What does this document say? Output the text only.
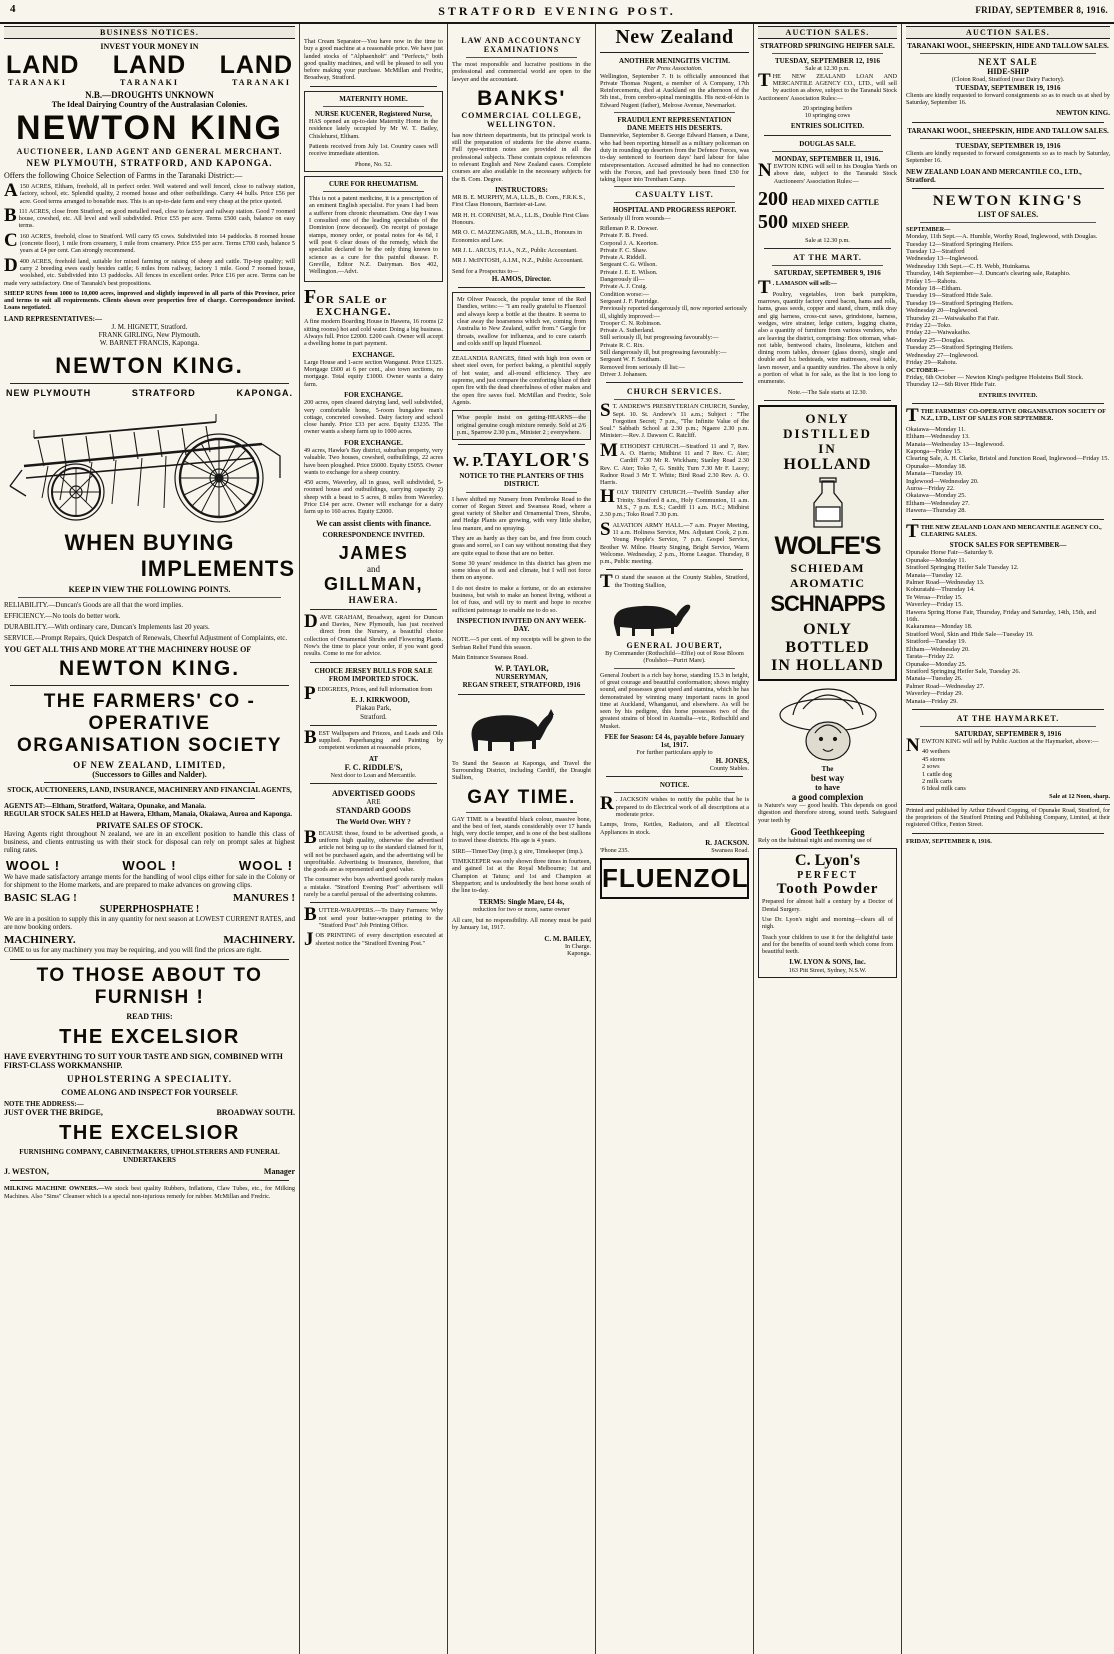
4	STRATFORD EVENING POST.	FRIDAY, SEPTEMBER 8, 1916.
BUSINESS NOTICES.
INVEST YOUR MONEY IN
LAND LAND LAND
TARANAKI	TARANAKI	TARANAKI
N.B.—DROUGHTS UNKNOWN
The Ideal Dairying Country of the Australasian Colonies.
NEWTON KING
AUCTIONEER, LAND AGENT AND GENERAL MERCHANT.
NEW PLYMOUTH, STRATFORD, AND KAPONGA.
Offers the following Choice Selection of Farms in the Taranaki District:—

A 150 ACRES, Eltham, freehold, all in perfect order. Well watered and well fenced, close to railway station, factory, school, etc. Splendid quality, 2 roomed house and other outbuildings. Carry 44 bulls. Price £56 per acre. Good terms arranged to bonafide max. This is an up-to-date farm and very cheap at the price quoted.

B 111 ACRES, close from Stratford, on good metalled road, close to factory and railway station. Good 7 roomed house, cowshed, etc. All level and well subdivided. Price £55 per acre. Terms £500 cash, balance on easy terms.

C 160 ACRES, freehold, close to Stratford. Will carry 65 cows. Subdivided into 14 paddocks. 8 roomed house (concrete floor), 1 mile from creamery, 1 mile from creamery. Price £55 per acre. Terms £700 cash, balance 5 years at £4 per cent. Can strongly recommend.

D 400 ACRES, freehold land, suitable for mixed farming or raising of sheep and cattle. Tip-top quality; will carry 2 breeding ewes easily besides cattle; 6 miles from railway, factory 1 mile. Good 7 roomed house, woolshed, etc. Subdivided into 13 paddocks. All fences in excellent order. Price £16 per acre. Terms can be made very satisfactory. One of Taranaki's best propositions.

SHEEP RUNS from 1000 to 10,000 acres, improved and slightly improved in all parts of this Province, price and terms to suit all requirements. Clients shown over properties free of charge. Correspondence invited. Loans negotiated.

LAND REPRESENTATIVES:—
J. M. HIGNETT, Stratford.
FRANK GIRLING, New Plymouth.
W. BARNET FRANCIS, Kaponga.
NEWTON KING.
NEW PLYMOUTH	STRATFORD	KAPONGA.
WHEN BUYING
IMPLEMENTS
KEEP IN VIEW THE FOLLOWING POINTS.

RELIABILITY.—Duncan's Goods are all that the word implies.

EFFICIENCY.—No tools do better work.

DURABILITY.—With ordinary care, Duncan's Implements last 20 years.

SERVICE.—Prompt Repairs, Quick Despatch of Renewals, Cheerful Adjustment of Complaints, etc.

YOU GET ALL THIS AND MORE AT THE MACHINERY HOUSE OF
NEWTON KING.
THE FARMERS' CO - OPERATIVE
ORGANISATION SOCIETY
OF NEW ZEALAND, LIMITED,
(Successors to Gilles and Nalder).
STOCK, AUCTIONEERS, LAND, INSURANCE, MACHINERY AND FINANCIAL AGENTS,
AGENTS AT:—Eltham, Stratford, Waitara, Opunake, and Manaia.
REGULAR STOCK SALES HELD at Hawera, Eltham, Manaia, Okaiawa, Auroa and Kaponga.
PRIVATE SALES OF STOCK.

Having Agents right throughout N zealand, we are in an excellent position to handle this class of business, and clients entrusting us with their stock for disposal can rely on prompt sales at highest ruling rates.

WOOL !	WOOL !	WOOL !

We have made satisfactory arrange ments for the handling of wool clips either for sale in the Colony or for shipment to the Home markets, and are prepared to make advances on growing clips.

BASIC SLAG !	MANURES !
SUPERPHOSPHATE !

We are in a position to supply this in any quantity for next season at LOWEST CURRENT RATES, and are now booking orders.

MACHINERY.	MACHINERY.

COME to us for any machinery you may be requiring, and you will find the prices are right.

TO THOSE ABOUT TO
FURNISH !
READ THIS:
THE EXCELSIOR
HAVE EVERYTHING TO SUIT YOUR TASTE AND SIGN, COMBINED WITH FIRST-CLASS WORKMANSHIP.
UPHOLSTERING A SPECIALITY.
COME ALONG AND INSPECT FOR YOURSELF.
NOTE THE ADDRESS:—
JUST OVER THE BRIDGE,	BROADWAY SOUTH.
THE EXCELSIOR
FURNISHING COMPANY, CABINETMAKERS, UPHOLSTERERS AND FUNERAL UNDERTAKERS
J. WESTON,	Manager

MILKING MACHINE OWNERS.—We stock best quality Rubbers, Inflations, Claw Tubes, etc., for Milking Machines. Also "Sims" Cleanser which is a special non-injurious remedy for rubber. McMillan and Fredric.

That Cream Separator—You have now in the time to buy a good machine at a reasonable price. We have just landed stocks of "Alphaenholt" and "Perfects," both good quality machines, and will be pleased to sell you before making your purchase. McMillan and Fredric, Broadway, Stratford.

MATERNITY HOME.
NURSE KUCENER, Registered Nurse,

HAS opened an up-to-date Maternity Home in the residence lately occupied by Mr W. T. Bailey, Chislehurst, Eltham.

Patients received from July 1st. Country cases will receive immediate attention.

Phone, No. 52.
CURE FOR RHEUMATISM.

This is not a patent medicine, it is a prescription of an eminent English specialist. For years I had been a sufferer from chronic rheumatism. One day I was I consulted one of the leading specialists of the Dominion (now deceased). On receipt of postage stamps, money order, or postal notes for 4s 6d, I will post 6 clear doses of the remedy, which the specialist declared to be the only thing known to science as a cure for this painful disease. F. Greville, Editor N.Z. Dairyman. Box 402, Wellington.—Advt.

F OR SALE or EXCHANGE.

A fine modern Boarding House in Hawera, 16 rooms (2 sitting rooms) hot and cold water. Doing a big business. Always full. Price £2000. £200 cash. Owner will accept a dwelling home in part payment.

EXCHANGE.

Large House and 1-acre section Wanganui. Price £1325. Mortgage £600 at 6 per cent., also town sections, no mortgage. Total equity £1000. Owner wants a dairy farm.

FOR EXCHANGE.

200 acres, open cleared dairying land, well subdivided, very comfortable home, 5-room bungalow man's cottage, concreted cowshed. Dairy factory and school close handy. Price £33 per acre. Equity £3235. The owner wants a sheep farm up to 1000 acres.

FOR EXCHANGE.

49 acres, Hawke's Bay district, suburban property, very valuable. Two houses, cowshed, outbuildings, 22 acres have been ploughed. Price £6000. Equity £5055. Owner wants to exchange for a sheep country.

450 acres, Waverley, all in grass, well subdivided, 5-roomed house and outbuildings, carrying capacity 2) sheep with a beast to 5 acres, 8 miles from Waverley. Price £14 per acre. Owner will exchange for a dairy farm up to 160 acres. Equity £2000.

We can assist clients with finance.
CORRESPONDENCE INVITED.
JAMES
and
GILLMAN,
HAWERA.

DAVE GRAHAM, Broadway, agent for Duncan and Davies, New Plymouth, has just received direct from the Nursery, a beautiful choice collection of Ornamental Shrubs and Flowering Plants. Now's the time to place your order, if you want good results. Come to me for advice.

CHOICE JERSEY BULLS FOR SALE FROM IMPORTED STOCK.

PEDIGREES, Prices, and full information from

E. J. KIRKWOOD,
Piakau Park,
Stratford.

BEST Wallpapers and Friezes, and Leads and Oils supplied. Paperhanging and Painting by competent workmen at reasonable prices,

AT
F. C. RIDDLE'S,
Next door to Loan and Mercantile.
ADVERTISED GOODS
ARE
STANDARD GOODS
The World Over. WHY ?

BECAUSE those, found to be advertised goods, a uniform high quality, otherwise the advertised article not being up to the standard claimed for it, will not be purchased again, and the advertising will be unprofitable. Advertising is Insurance, therefore, that the goods are as represented and good value.

The consumer who buys advertised goods rarely makes a mistake. "Stratford Evening Post" advertisers will rarely be a careful perusal of the advertising columns.

BUTTER-WRAPPERS.—To Dairy Farmers: Why not send your butter-wrapper printing to the "Stratford Post" Job Printing Office.

JOB PRINTING of every description executed at shortest notice the "Stratford Evening Post."

LAW AND ACCOUNTANCY
EXAMINATIONS

The most responsible and lucrative positions in the professional and commercial world are open to the lawyer and the accountant.

BANKS'
COMMERCIAL COLLEGE,
WELLINGTON.

has now thirteen departments, but its principal work is still the preparation of students for the above exams. Full type-written notes are provided in all the professional subjects. These contain copious references to relevant English and New Zealand cases. Complete courses are also available in the necessary subjects for the B. Com. Degree.

INSTRUCTORS:

MR B. E. MURPHY, M.A, LL.B., B. Com., F.R.K.S., First Class Honours, Barrister-at-Law.

MR H. H. CORNISH, M.A., LL.B., Double First Class Honours.

MR O. C. MAZENGARB, M.A., LL.B., Honours in Economics and Law.

MR J. L. ARCUS, F.I.A., N.Z., Public Accountant.

MR J. McINTOSH, A.I.M., N.Z., Public Accountant.

Send for a Prospectus to—
H. AMOS, Director.

Mr Oliver Peacock, the popular tenor of the Red Dandies, writes:— "I am really grateful to Fluenzol and always keep a bottle at the theatre. It seems to clear away the hoarseness which we, coming from Australia to New Zealand, suffer from." Gargle for throats, swallow for influenza, and to cure catarrh and colds sniff up liquid Fluenzol.

ZEALANDIA RANGES, fitted with high iron oven or sheet steel oven, for perfect baking, a plentiful supply of hot water, and all-round efficiency. They are supreme, and just compare the comforting blaze of their open fire with the dead cheerfulness of other makes and the open fire saves fuel. McMillan and Fredric, Sole Agents.

Wise people insist on getting-HEARNS—the original genuine cough mixture remedy. Sold at 2/6 p.m., Sparrow 2.30 p.m., Minister 2 ; everywhere.

W. P. TAYLOR'S
NOTICE TO THE PLANTERS OF THIS DISTRICT.

I have shifted my Nursery from Pembroke Road to the corner of Regan Street and Swansea Road, where a great variety of Shelter and Ornamental Trees, Shrubs, and Hedge Plants are growing, with very little shelter, less manure, and no spraying.

They are as hardy as they can be, and free from couch grass and sorrel, so I can say without nonsting that they are quite equal to those that are no better.

Some 30 years' residence in this district has given me some ideas of its soil and climate, but I will not force them on anyone.

I do not desire to make a fortune, or do an extensive business, but wish to make an honest living, without a lot of fuss, and will try to merit and hope to receive sufficient patronage to enable me to do so.

INSPECTION INVITED ON ANY WEEK-DAY.

NOTE.—5 per cent. of my receipts will be given to the Serbian Relief Fund this season.

Main Entrance Swansea Road.
W. P. TAYLOR,
NURSERYMAN,
REGAN STREET, STRATFORD, 1916

To Stand the Season at Kaponga, and Travel the Surrounding District, including Cardiff, the Draught Stallion,

GAY TIME.

GAY TIME is a beautiful black colour, massive bone, and the best of feet, stands considerably over 17 hands high, very docile temper, and is one of the best stallions to travel these districts. His age is 4 years.

SIRE—Timeo'Day (imp.); g sire, Timekeeper (imp.).

TIMEKEEPER was only shown three times in fourteen, and gained 1st at the Royal Melbourne; 1st and Champion at Tatura; and 1st and Champion at Shepparton; and is undoubtedly the best horse south of the line to-day.

TERMS: Single Mare, £4 4s,
reduction for two or more, same owner

All care, but no responsibility. All money must be paid by January 1st, 1917.

C. M. BAILEY,
In Charge.
Kaponga.
New Zealand
ANOTHER MENINGITIS VICTIM.
Per Press Association.

Wellington, September 7. It is officially announced that Private Thomas Nugent, a member of A Company, 17th Reinforcements, died at Auckland on the afternoon of the 5th inst., from cerebro-spinal meningitis. His next-of-kin is Edward Nugent (father), Melrose Avenue, Newmarket.

FRAUDULENT REPRESENTATION
DANE MEETS HIS DESERTS.

Dannevirke, September 8. George Edward Hansen, a Dane, who had been reporting himself as a military policeman on duty in rounding up deserters from the Defence Forces, was to-day sentenced to fourteen days' hard labour for false misrepresentation. Accused admitted he had no connection with the Forces, and had previously been fined £30 for taking liquor into Trentham Camp.

CASUALTY LIST.
HOSPITAL AND PROGRESS REPORT.

Seriously ill from wounds—

Rifleman P. R. Dowser.
Private F. B. Freed.
Corporal J. A. Keorton.
Private F. C. Shaw.
Private A. Riddell.
Sergeant C. G. Wilson.
Private J. E. E. Wilson.
Dangerously ill—
Private A. J. Craig.
Condition worse:—
Sergeant J. F. Partridge.
Previously reported dangerously ill, now reported seriously ill, slightly improved:—
Trooper C. N. Robinson.
Private A. Sutherland.
Still seriously ill, but progressing favourably:—
Private R. C. Rix.
Still dangerously ill, but progressing favourably:—
Sergeant W. F. Southam.
Removed from seriously ill list:—
Driver J. Johansen.
CHURCH SERVICES.

S T. ANDREW'S PRESBYTERIAN CHURCH, Sunday, Sept. 10. St. Andrew's 11 a.m.; Subject : "The Forgotten Secret; 7 p.m., "The Infinite Value of the Soul." Sabbath School at 2.30 p.m.; Ngaere 2.30 p.m. Minister:—Rev. J. Dawson C. Ratcliff.

METHODIST CHURCH.—Stratford 11 and 7, Rev. A. O. Harris; Midhirst 11 and 7 Rev. C. Ater; Cardiff 7.30 Mr R. Wickham; Stanley Road 2.30 Rev. C. Ater; Toko 7, G. Smith; Turn 7.30 Mr F. Lacey; Radnor Road 3 Mr T. White; Bird Road 2.30 Rev. A. O. Harris.

HOLY TRINITY CHURCH.—Twelfth Sunday after Trinity. Stratford 8 a.m., Holy Communion, 11 a.m. M.S., 7 p.m. E.S.; Cardiff 11 a.m. H.C.; Midhirst 2.30 p.m.; Toko Road 7.30 p.m.

SALVATION ARMY HALL.—7 a.m. Prayer Meeting, 11 a.m. Holiness Service, Mrs. Adjutant Cook, 2 p.m. Young People's Service, 7 p.m. Gospel Service, Brother W. Milne. Hearty Singing, Bright Service, Warm Welcome. Wednesday, 2 p.m., Home League. Thursday, 8 p.m., Public meeting.

T O stand the season at the County Stables, Stratford, the Trotting Stallion,

GENERAL JOUBERT,
By Commander (Rothschild—Effie) out of Rose Bloom (Foulshot—Puriri Mare).

General Joubert is a rich bay horse, standing 15.3 in height, of great courage and beautiful conformation; shows mighty sound, and possesses great speed and stamina, which he has demonstrated by winning many important races in good time at Auckland, Whanganui, and elsewhere. As will be seen by his pedigree, this horse possesses two of the greatest strains of blood in Australia—viz., Rothschild and Musket.

FEE for Season: £4 4s, payable before January 1st, 1917.
For further particulars apply to
H. JONES,
County Stables.
NOTICE.

R . JACKSON wishes to notify the public that he is prepared to do Electrical work of all descriptions at a moderate price.

Lamps, Irons, Kettles, Radiators, and all Electrical Appliances in stock.

R. JACKSON.
'Phone 235.	Swansea Road.
FLUENZOL
AUCTION SALES.
STRATFORD SPRINGING HEIFER SALE.
TUESDAY, SEPTEMBER 12, 1916
Sale at 12.30 p.m.

THE NEW ZEALAND LOAN AND MERCANTILE AGENCY CO., LTD., will sell by auction as above, subject to the Taranaki Stock Auctioneers' Association Rules:—

20 springing heifers
10 springing cows
ENTRIES SOLICITED.
DOUGLAS SALE.
MONDAY, SEPTEMBER 11, 1916.

NEWTON KING will sell in his Douglas Yards on above date, subject to the Taranaki Stock Auctioneers' Association Rules:—

200 HEAD MIXED CATTLE
500 MIXED SHEEP.
Sale at 12.30 p.m.
AT THE MART.
SATURDAY, SEPTEMBER 9, 1916

T . LAMASON will sell:—

Poultry, vegetables, iron bark pumpkins, marrows, quantity factory cured bacon, hams and rolls, hams, grass seeds, copper and stand, churn, milk dray and gig harness, cross-cut saws, grindstone, harness, wedges, wire strainer, ledge cutters, logging chains, also a quantity of furniture from various vendors, who are leaving the district, comprising: Box ottoman, what-not table, bentwood chairs, linoleums, kitchen and dining room tables, dresser (glass doors), single and double and b.r. bedsteads, wire mattresses, oval table, lawn mower, and a quantity sundries. The above is only a portion of what is for sale, as the list is too long to enumerate.

Note.—The Sale starts at 12.30.
ONLY
DISTILLED
IN
HOLLAND
WOLFE'S
SCHIEDAM
AROMATIC
SCHNAPPS
ONLY BOTTLED
IN HOLLAND
The
best way
to have
a good complexion

is Nature's way — good health. This depends on good digestion and therefore strong, sound teeth. Safeguard your teeth by

Good Teethkeeping

Rely on the habitual night and morning use of

C. Lyon's
PERFECT
Tooth Powder

Prepared for almost half a century by a Doctor of Dental Surgery.

Use Dr. Lyon's night and morning—clears all of nigh.

Teach your children to use it for the delightful taste and for the benefits of sound teeth which come from beautiful teeth.

I.W. LYON & SONS, Inc.
163 Pitt Street, Sydney, N.S.W.
AUCTION SALES.
TARANAKI WOOL, SHEEPSKIN, HIDE AND TALLOW SALES.
NEXT SALE
HIDE-SHIP
(Cloton Road, Stratford (near Dairy Factory).
TUESDAY, SEPTEMBER 19, 1916

Clients are kindly requested to forward consignments so as to reach us at shed by Saturday, September 16.

NEWTON KING.
TARANAKI WOOL, SHEEPSKIN, HIDE AND TALLOW SALES.
TUESDAY, SEPTEMBER 19, 1916

Clients are kindly requested to forward consignments so as to reach by Saturday, September 16.

NEW ZEALAND LOAN AND MERCANTILE CO., LTD., Stratford.
NEWTON KING'S
LIST OF SALES.
SEPTEMBER—
Monday, 11th Sept.—A. Humble, Worthy Road, Inglewood, with Douglas.
Tuesday 12—Stratford Springing Heifers.
Tuesday 12—Stratford
Wednesday 13—Inglewood.
Wednesday 13th Sept.—C. H. Webb, Huinkama.
Thursday, 14th September—J. Duncan's clearing sale, Rataphio.
Friday 15—Rahotu.
Monday 18—Eltham.
Tuesday 19—Stratford Hide Sale.
Tuesday 19—Stratford Springing Heifers.
Wednesday 20—Inglewood.
Thursday 21—Waiwakaiho Fat Fair.
Friday 22—Toko.
Friday 22—Waiwakaiho.
Monday 25—Douglas.
Tuesday 25—Stratford Springing Heifers.
Wednesday 27—Inglewood.
Friday 29—Rahotu.
OCTOBER—
Friday, 6th October — Newton King's pedigree Holsteins Bull Stock.
Thursday 12—Sth River Hide Fair.
ENTRIES INVITED.

TTHE FARMERS' CO-OPERATIVE ORGANISATION SOCIETY OF N.Z., LTD., LIST OF SALES FOR SEPTEMBER.

Okaiawa—Monday 11.
Eltham—Wednesday 13.
Manaia—Wednesday 13—Inglewood.
Kaponga—Friday 15.
Clearing Sale, A. H. Clarke, Bristol and Junction Road, Inglewood—Friday 15.
Opunake—Monday 18.
Manaia—Tuesday 19.
Inglewood—Wednesday 20.
Auroa—Friday 22.
Okaiawa—Monday 25.
Eltham—Wednesday 27.
Hawera—Thursday 28.

TTHE NEW ZEALAND LOAN AND MERCANTILE AGENCY CO., CLEARING SALES.

STOCK SALES FOR SEPTEMBER—
Opunake Horse Fair—Saturday 9.
Opunake—Monday 11.
Stratford Springing Heifer Sale Tuesday 12.
Manaia—Tuesday 12.
Palmer Road—Wednesday 13.
Kohuratahi—Thursday 14.
Te Weraa—Friday 15.
Waverley—Friday 15.
Hawera Spring Horse Fair, Thursday, Friday and Saturday, 14th, 15th, and 16th.
Kakaramea—Monday 18.
Stratford Wool, Skin and Hide Sale—Tuesday 19.
Stratford—Tuesday 19.
Eltham—Wednesday 20.
Tarata—Friday 22.
Opunake—Monday 25.
Stratford Springing Heifer Sale, Tuesday 26.
Manaia—Tuesday 26.
Palmer Road—Wednesday 27.
Waverley—Friday 29.
Manaia—Friday 29.
AT THE HAYMARKET.
SATURDAY, SEPTEMBER 9, 1916

NEWTON KING will sell by Public Auction at the Haymarket, above:—

40 wethers
45 stores
2 sows
1 cattle dog
2 milk carts
6 Ideal milk cans
Sale at 12 Noon, sharp.
Printed and published by Arthur Edward Copping, of Opunake Road, Stratford, for the proprietors of the Stratford Printing and Publishing Company, Limited, at their registered Office, Fenton Street.
FRIDAY, SEPTEMBER 8, 1916.
